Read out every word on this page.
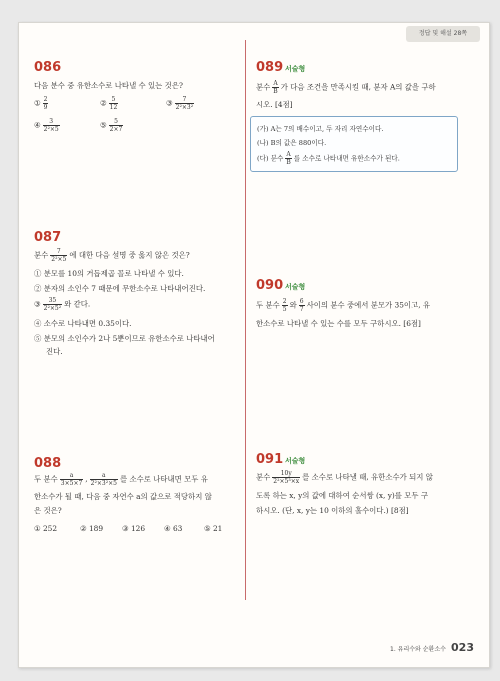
정답 및 해설 28쪽
086
다음 분수 중 유한소수로 나타낼 수 있는 것은?
① $\frac{2}{9}$	② $\frac{5}{12}$	③ $\frac{7}{\text{2²×3²}}$
④ $\frac{3}{\text{2²×5}}$	⑤ $\frac{5}{2\times 7}$
087
분수 $\frac{7}{\text{2²×5}}$ 에 대한 다음 설명 중 옳지 않은 것은?
① 분모를 10의 거듭제곱 꼴로 나타낼 수 있다.
② 분자의 소인수 7 때문에 무한소수로 나타내어진다.
③ $\frac{35}{\text{2²×5²}}$ 와 같다.
④ 소수로 나타내면 0.35이다.
⑤ 분모의 소인수가 2나 5뿐이므로 유한소수로 나타내어
진다.
088
두 분수 $\frac{a}{3\times 5\times 7}$ , $\frac{a}{\text{2²×3²×5}}$ 를 소수로 나타내면 모두 유
한소수가 될 때, 다음 중 자연수 a의 값으로 적당하지 않
은 것은?
① 252	② 189	③ 126	④ 63	⑤ 21
089 서술형
분수 $\frac{A}{B}$ 가 다음 조건을 만족시킬 때, 분자 A의 값을 구하
시오. [4점]
(가) A는 7의 배수이고, 두 자리 자연수이다.
(나) B의 값은 880이다.
(다) 분수 $\frac{A}{B}$ 를 소수로 나타내면 유한소수가 된다.
090 서술형
두 분수 $\frac{2}{5}$ 와 $\frac{6}{7}$ 사이의 분수 중에서 분모가 35이고, 유
한소수로 나타낼 수 있는 수를 모두 구하시오. [6점]
091 서술형
분수 $\frac{10y}{\text{2²×5³×x}}$ 를 소수로 나타낼 때, 유한소수가 되지 않
도록 하는 x, y의 값에 대하여 순서쌍 (x, y)를 모두 구
하시오. (단, x, y는 10 이하의 홀수이다.) [8점]
1. 유리수와 순환소수 023
